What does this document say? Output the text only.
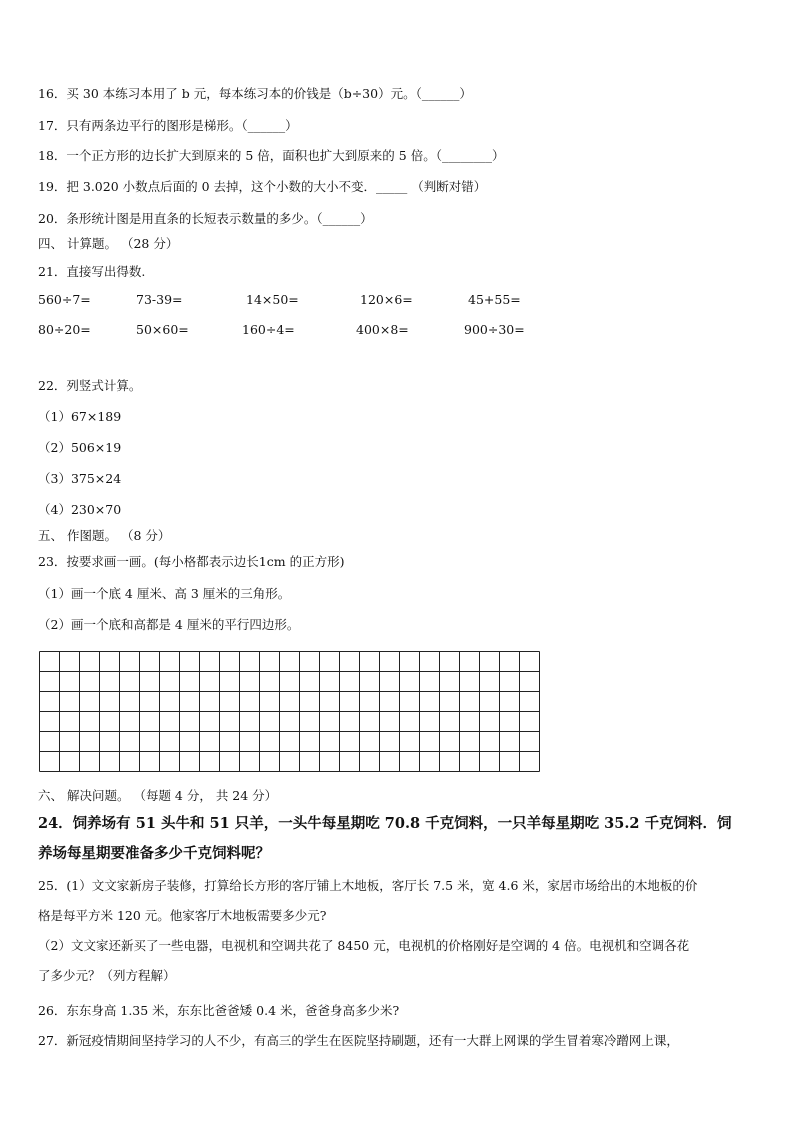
16．买 30 本练习本用了 b 元，每本练习本的价钱是（b÷30）元。（______）
17．只有两条边平行的图形是梯形。（______）
18．一个正方形的边长扩大到原来的 5 倍，面积也扩大到原来的 5 倍。（________）
19．把 3.020 小数点后面的 0 去掉，这个小数的大小不变．_____ （判断对错）
20．条形统计图是用直条的长短表示数量的多少。（______）
四、 计算题。 （28 分）
21．直接写出得数.
560÷7=	73-39=	14×50=	120×6=	45+55=
80÷20=	50×60=	160÷4=	400×8=	900÷30=
22．列竖式计算。
（1）67×189
（2）506×19
（3）375×24
（4）230×70
五、 作图题。 （8 分）
23．按要求画一画。(每小格都表示边长1cm 的正方形)
（1）画一个底 4 厘米、高 3 厘米的三角形。
（2）画一个底和高都是 4 厘米的平行四边形。
六、 解决问题。 （每题 4 分， 共 24 分）
24．饲养场有 51 头牛和 51 只羊，一头牛每星期吃 70.8 千克饲料，一只羊每星期吃 35.2 千克饲料．饲
养场每星期要准备多少千克饲料呢？
25．(1）文文家新房子装修，打算给长方形的客厅铺上木地板，客厅长 7.5 米，宽 4.6 米，家居市场给出的木地板的价
格是每平方米 120 元。他家客厅木地板需要多少元?
（2）文文家还新买了一些电器，电视机和空调共花了 8450 元，电视机的价格刚好是空调的 4 倍。电视机和空调各花
了多少元？（列方程解）
26．东东身高 1.35 米，东东比爸爸矮 0.4 米，爸爸身高多少米?
27．新冠疫情期间坚持学习的人不少，有高三的学生在医院坚持刷题，还有一大群上网课的学生冒着寒冷蹭网上课，
